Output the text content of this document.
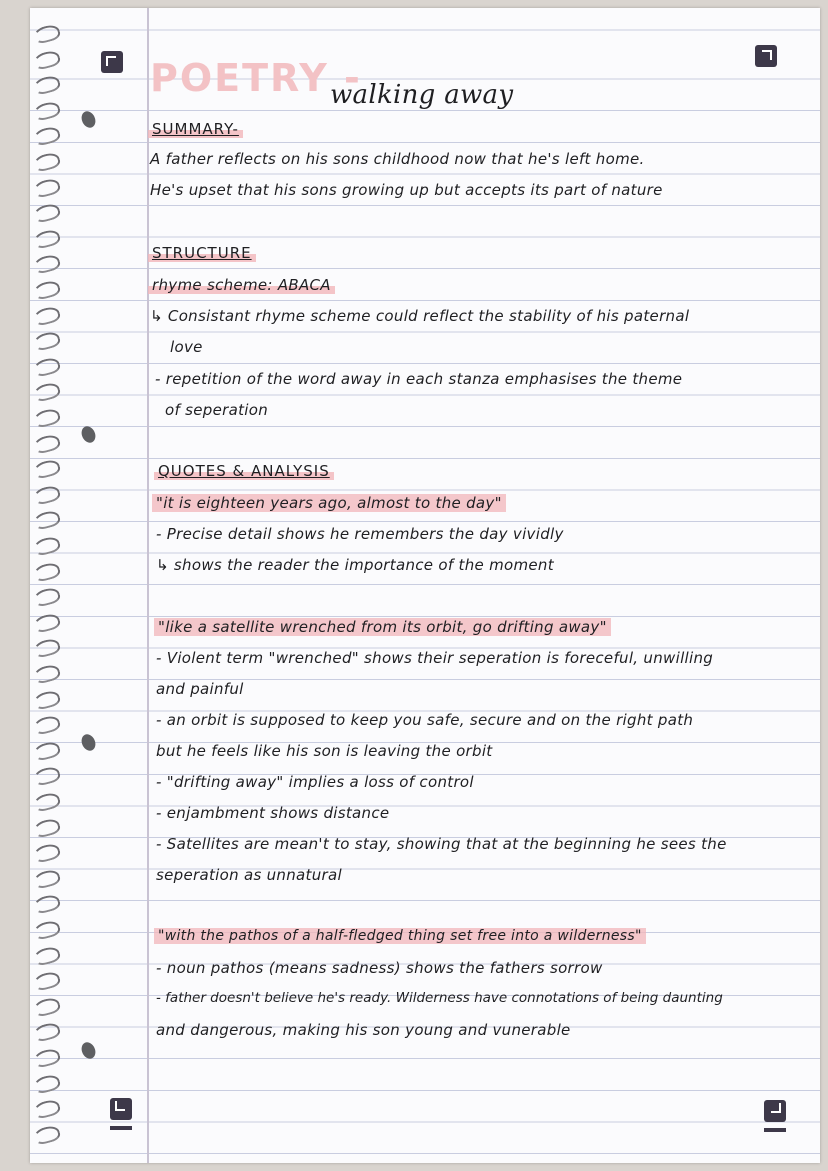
POETRY -
walking away
SUMMARY-
A father reflects on his sons childhood now that he's left home.
He's upset that his sons growing up but accepts its part of nature
STRUCTURE
rhyme scheme: ABACA
↳ Consistant rhyme scheme could reflect the stability of his paternal
love
- repetition of the word away in each stanza emphasises the theme
of seperation
QUOTES & ANALYSIS
"it is eighteen years ago, almost to the day"
- Precise detail shows he remembers the day vividly
↳ shows the reader the importance of the moment
"like a satellite wrenched from its orbit, go drifting away"
- Violent term "wrenched" shows their seperation is foreceful, unwilling
and painful
- an orbit is supposed to keep you safe, secure and on the right path
but he feels like his son is leaving the orbit
- "drifting away" implies a loss of control
- enjambment shows distance
- Satellites are mean't to stay, showing that at the beginning he sees the
seperation as unnatural
"with the pathos of a half-fledged thing set free into a wilderness"
- noun pathos (means sadness) shows the fathers sorrow
- father doesn't believe he's ready. Wilderness have connotations of being daunting
and dangerous, making his son young and vunerable
